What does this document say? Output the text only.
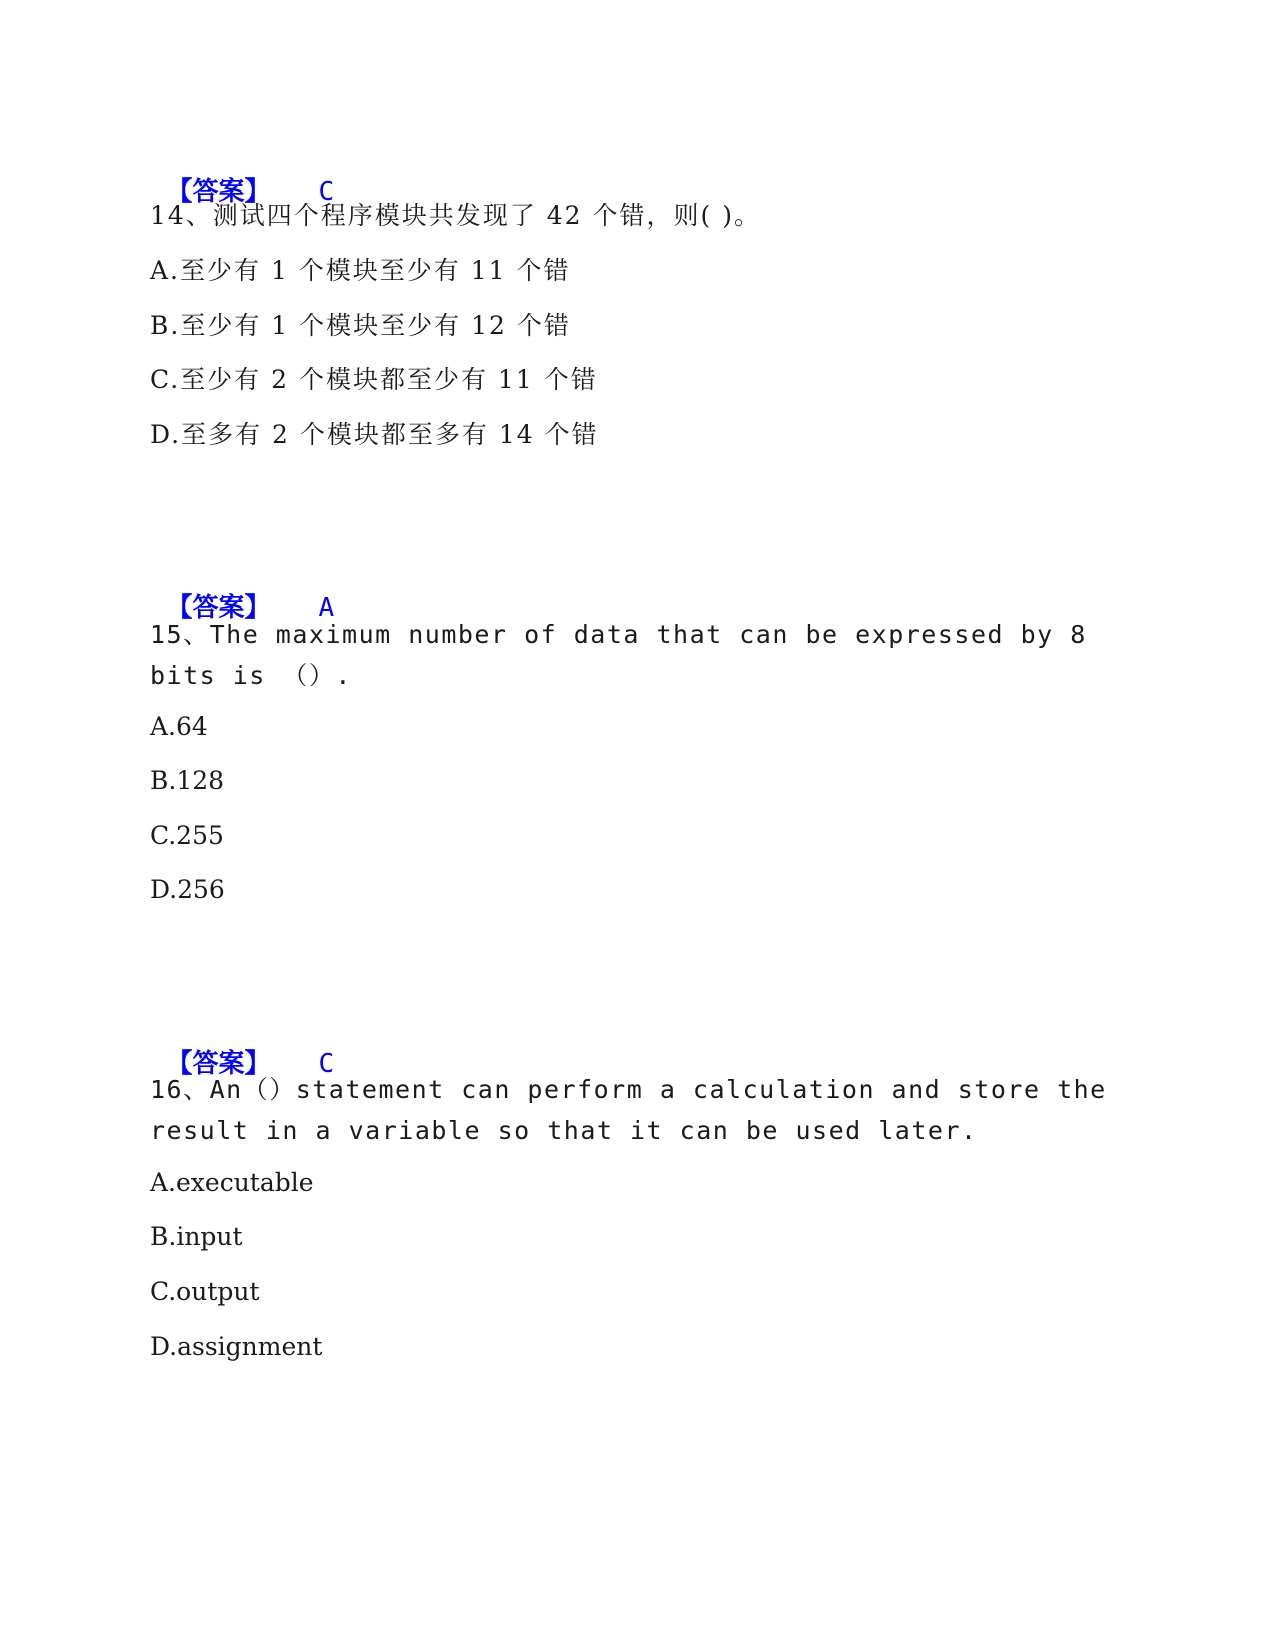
【答案】 C

14、测试四个程序模块共发现了 42 个错，则( )。
A.至少有 1 个模块至少有 11 个错
B.至少有 1 个模块至少有 12 个错
C.至少有 2 个模块都至少有 11 个错
D.至多有 2 个模块都至多有 14 个错

【答案】 A

15、The maximum number of data that can be expressed by 8 bits is （）.
A.64
B.128
C.255
D.256

【答案】 C

16、An（）statement can perform a calculation and store the result in a variable so that it can be used later.
A.executable
B.input
C.output
D.assignment
